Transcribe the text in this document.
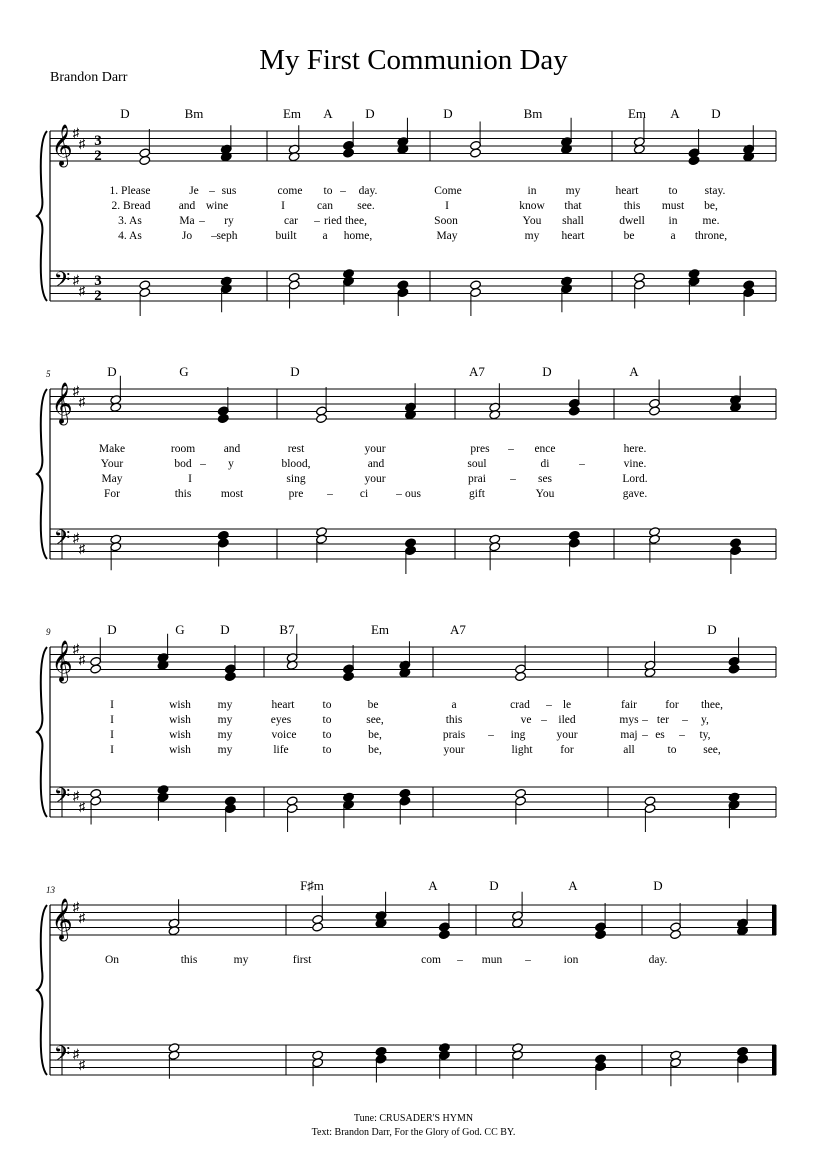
𝄞
𝄢
♯
♯
♯
♯
3
2
3
2
D	Bm
1. Please	Je – sus
2. Bread and wine
3. As	Ma – ry
4. As	Jo – seph
Em A	D
come to – day.
I	can see.
car – ried thee,
built a home,
D	Bm
Come	in	my
I	know that
Soon	You shall
May	my heart
Em A D
heart	to stay.
this must be,
dwell in me.
be	a throne,
𝄞
𝄢
♯
♯
♯
♯
5	D	G
Make	room and
Your	bod – y
May	I
For	this	most
D
rest	your
blood,	and
sing	your
pre – ci – ous
A7	D
pres – ence
soul	di	–
prai – ses
gift	You
A
here.
vine.
Lord.
gave.
𝄞
𝄢
♯
♯
♯
♯
9	D	G	D
I	wish my
I	wish my
I	wish my
I	wish my
B7	Em
heart to	be
eyes	to	see,
voice to	be,
life	to	be,
A7
a	crad – le
this	ve – iled
prais – ing	your
your	light for
D
fair for thee,
mys – ter – y,
maj – es – ty,
all	to see,
𝄞
𝄢
♯
♯
♯
♯
13
On	this	my
F♯m	A
first	com –
D	A
mun –	ion
D
day.
My First Communion Day
Brandon Darr
Tune: CRUSADER'S HYMN
Text: Brandon Darr, For the Glory of God. CC BY.
